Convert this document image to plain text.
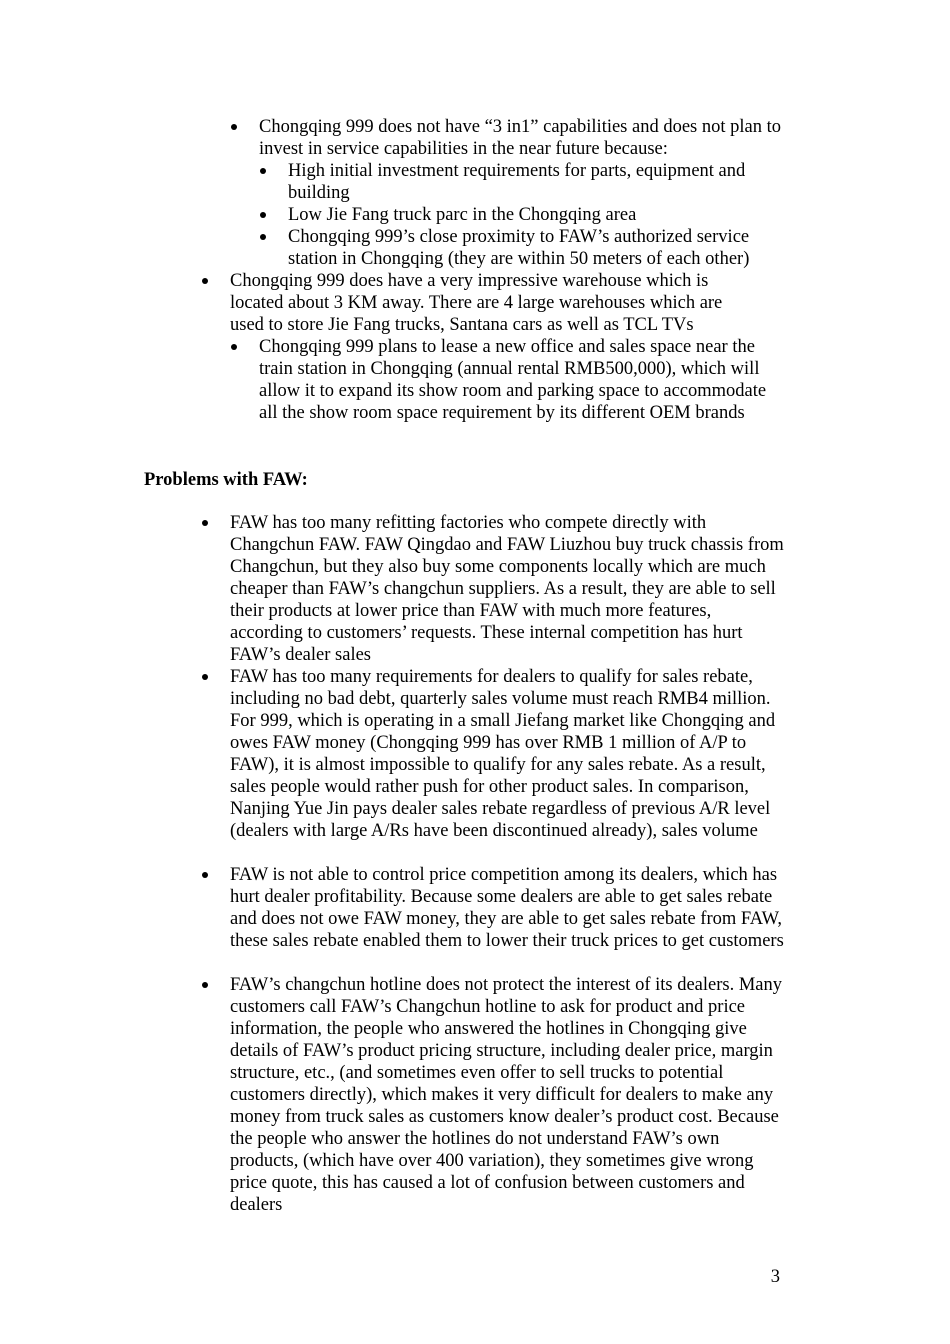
Chongqing 999 does not have “3 in1” capabilities and does not plan to invest in service capabilities in the near future because:
High initial investment requirements for parts, equipment and building
Low Jie Fang truck parc in the Chongqing area
Chongqing 999’s close proximity to FAW’s authorized service station in Chongqing (they are within 50 meters of each other)
Chongqing 999 does have a very impressive warehouse which is located about 3 KM away. There are 4 large warehouses which are used to store Jie Fang trucks, Santana cars as well as TCL TVs
Chongqing 999 plans to lease a new office and sales space near the train station in Chongqing (annual rental RMB500,000), which will allow it to expand its show room and parking space to accommodate all the show room space requirement by its different OEM brands

Problems with FAW:

FAW has too many refitting factories who compete directly with Changchun FAW. FAW Qingdao and FAW Liuzhou buy truck chassis from Changchun, but they also buy some components locally which are much cheaper than FAW’s changchun suppliers. As a result, they are able to sell their products at lower price than FAW with much more features, according to customers’ requests. These internal competition has hurt FAW’s dealer sales
FAW has too many requirements for dealers to qualify for sales rebate, including no bad debt, quarterly sales volume must reach RMB4 million. For 999, which is operating in a small Jiefang market like Chongqing and owes FAW money (Chongqing 999 has over RMB 1 million of A/P to FAW), it is almost impossible to qualify for any sales rebate. As a result, sales people would rather push for other product sales. In comparison, Nanjing Yue Jin pays dealer sales rebate regardless of previous A/R level (dealers with large A/Rs have been discontinued already), sales volume
FAW is not able to control price competition among its dealers, which has hurt dealer profitability. Because some dealers are able to get sales rebate and does not owe FAW money, they are able to get sales rebate from FAW, these sales rebate enabled them to lower their truck prices to get customers
FAW’s changchun hotline does not protect the interest of its dealers. Many customers call FAW’s Changchun hotline to ask for product and price information, the people who answered the hotlines in Chongqing give details of FAW’s product pricing structure, including dealer price, margin structure, etc., (and sometimes even offer to sell trucks to potential customers directly), which makes it very difficult for dealers to make any money from truck sales as customers know dealer’s product cost. Because the people who answer the hotlines do not understand FAW’s own products, (which have over 400 variation), they sometimes give wrong price quote, this has caused a lot of confusion between customers and dealers

3
